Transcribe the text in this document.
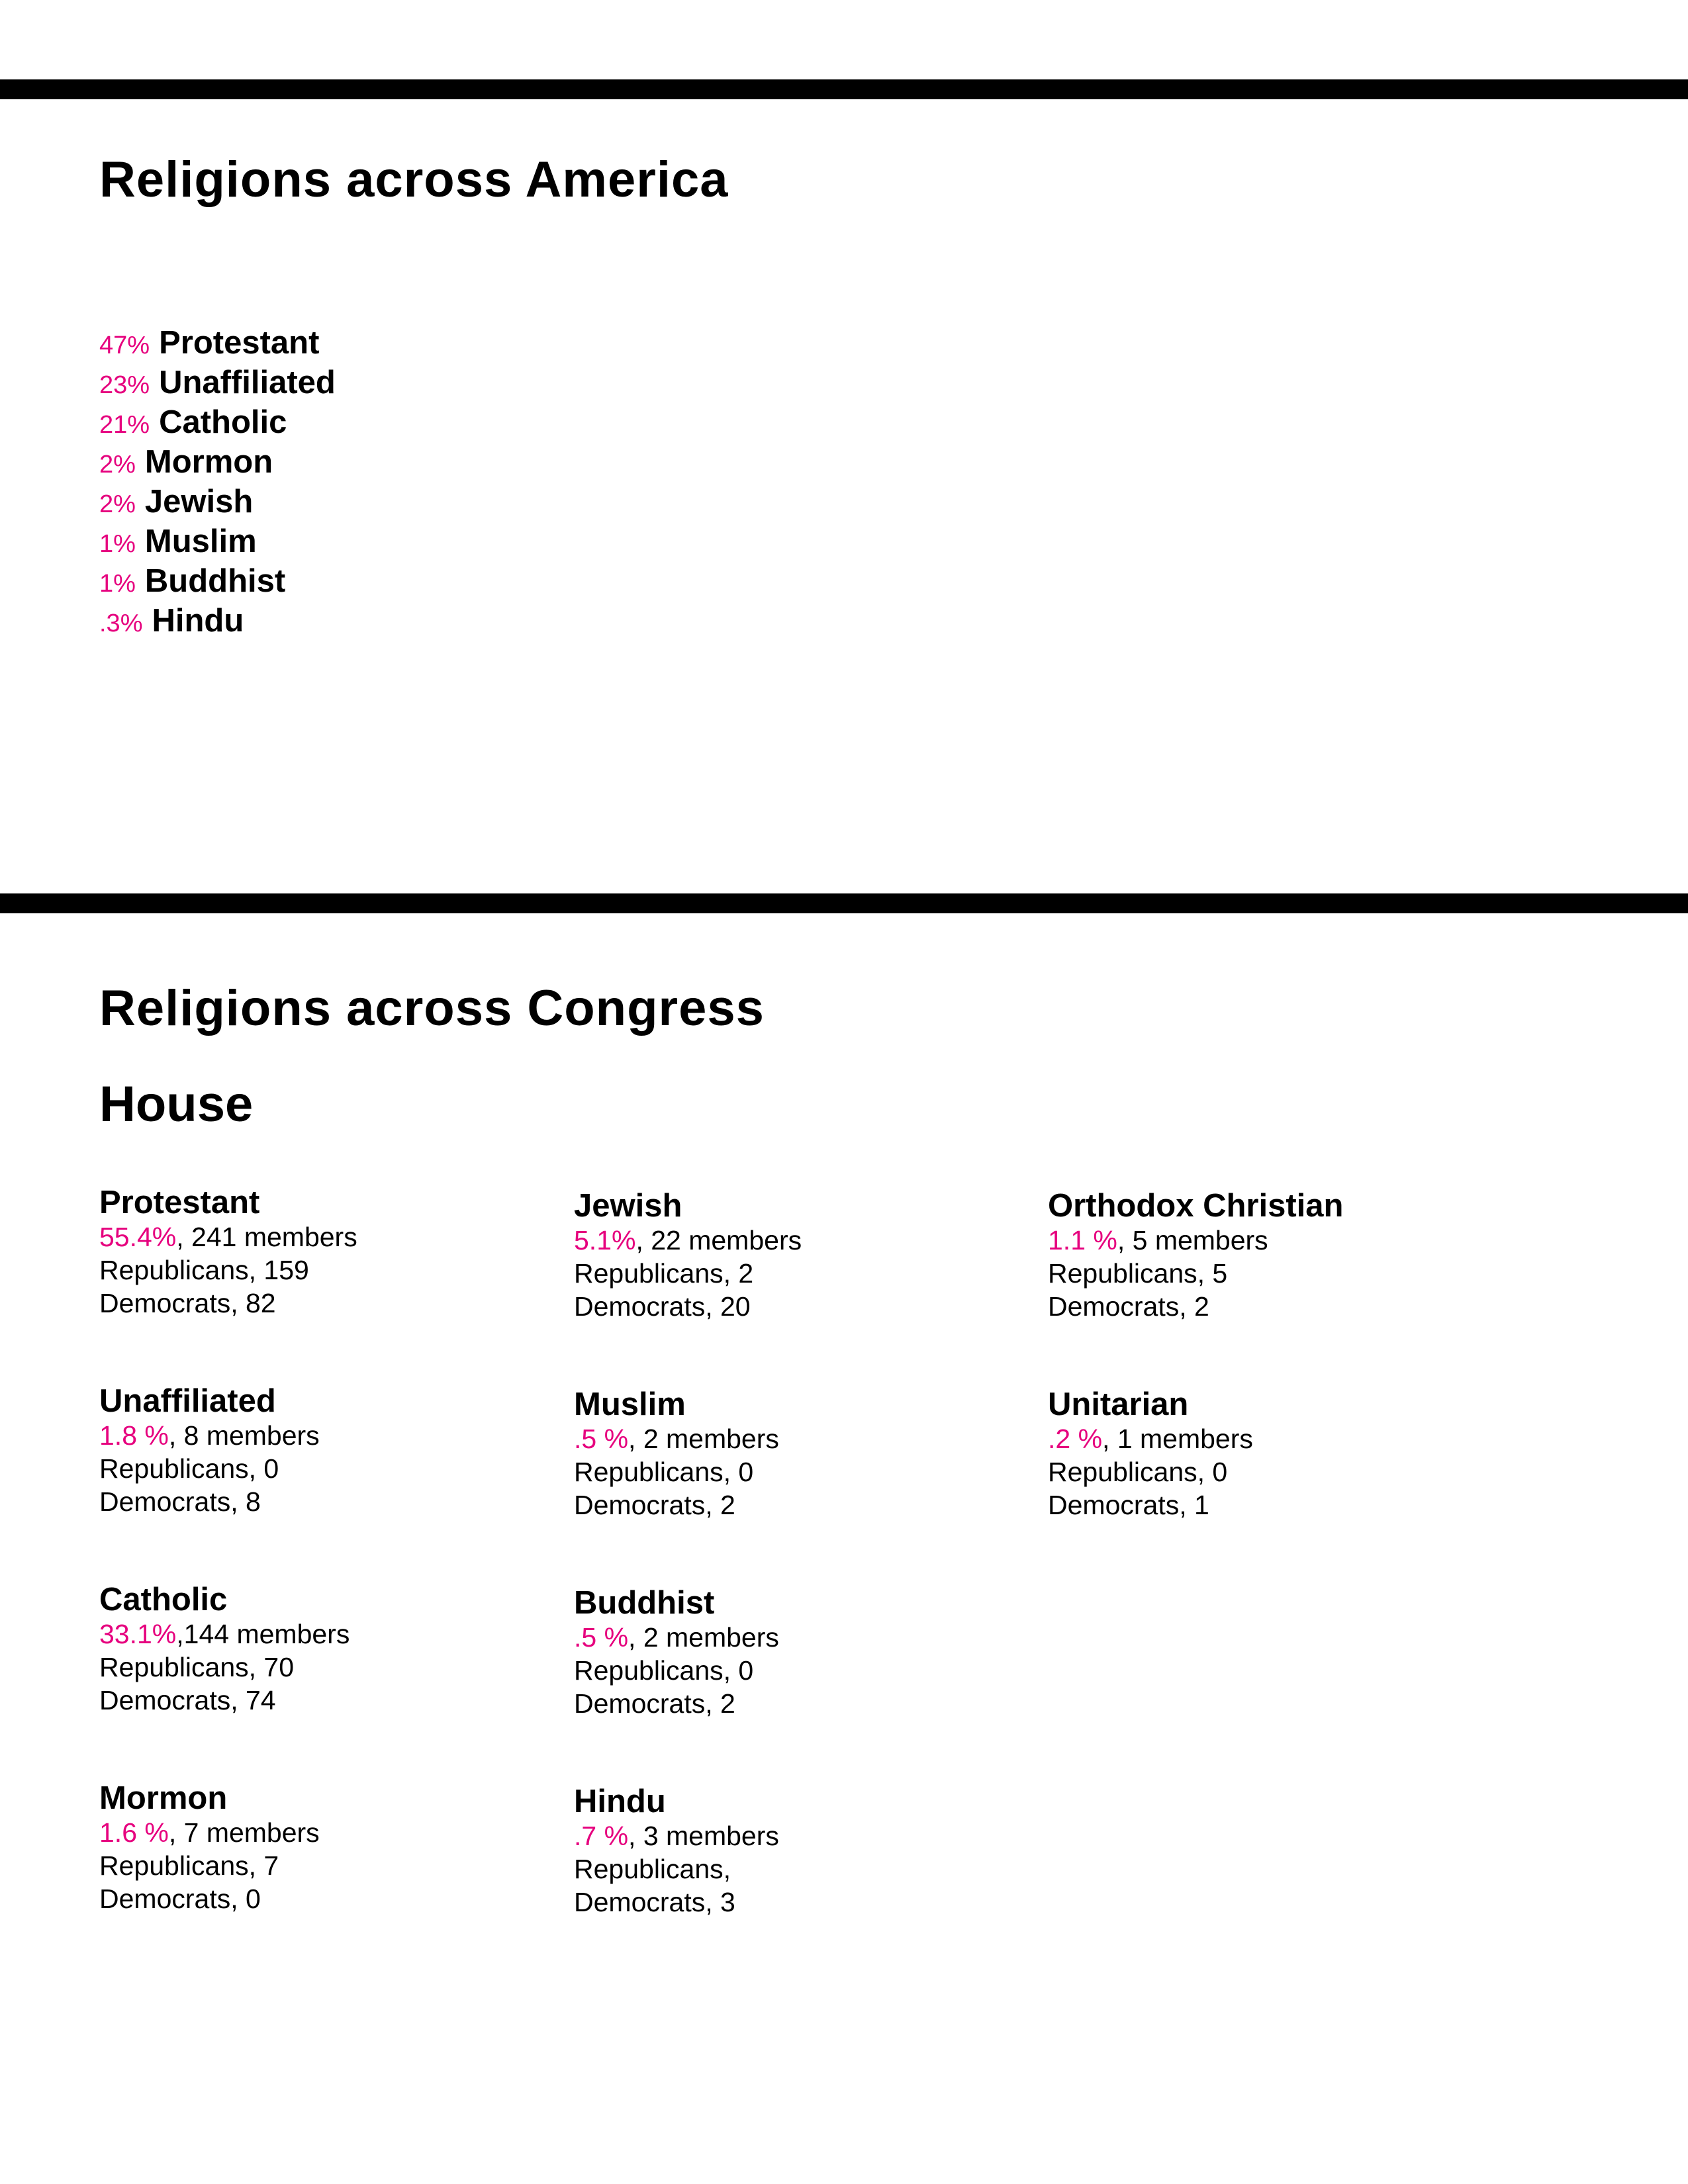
Religions across America
47% Protestant
23% Unaffiliated
21% Catholic
2% Mormon
2% Jewish
1% Muslim
1% Buddhist
.3% Hindu
Religions across Congress
House
Protestant
55.4%, 241 members
Republicans, 159
Democrats, 82
Unaffiliated
1.8 %, 8 members
Republicans, 0
Democrats, 8
Catholic
33.1%,144 members
Republicans, 70
Democrats, 74
Mormon
1.6 %, 7 members
Republicans, 7
Democrats, 0
Jewish
5.1%, 22 members
Republicans, 2
Democrats, 20
Muslim
.5 %, 2 members
Republicans, 0
Democrats, 2
Buddhist
.5 %, 2 members
Republicans, 0
Democrats, 2
Hindu
.7 %, 3 members
Republicans,
Democrats, 3
Orthodox Christian
1.1 %, 5 members
Republicans, 5
Democrats, 2
Unitarian
.2 %, 1 members
Republicans, 0
Democrats, 1
